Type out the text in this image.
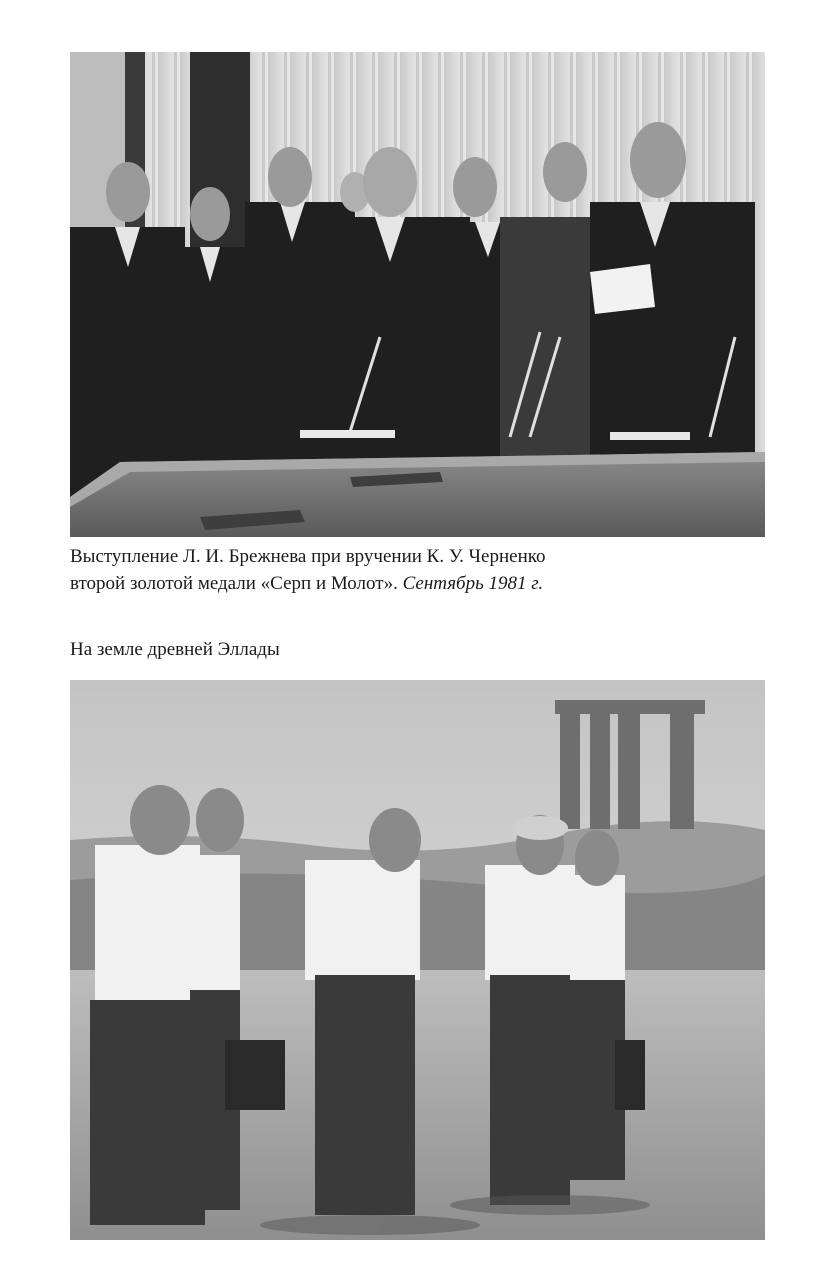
Выступление Л. И. Брежнева при вручении К. У. Черненко
второй золотой медали «Серп и Молот». Сентябрь 1981 г.
На земле древней Эллады
